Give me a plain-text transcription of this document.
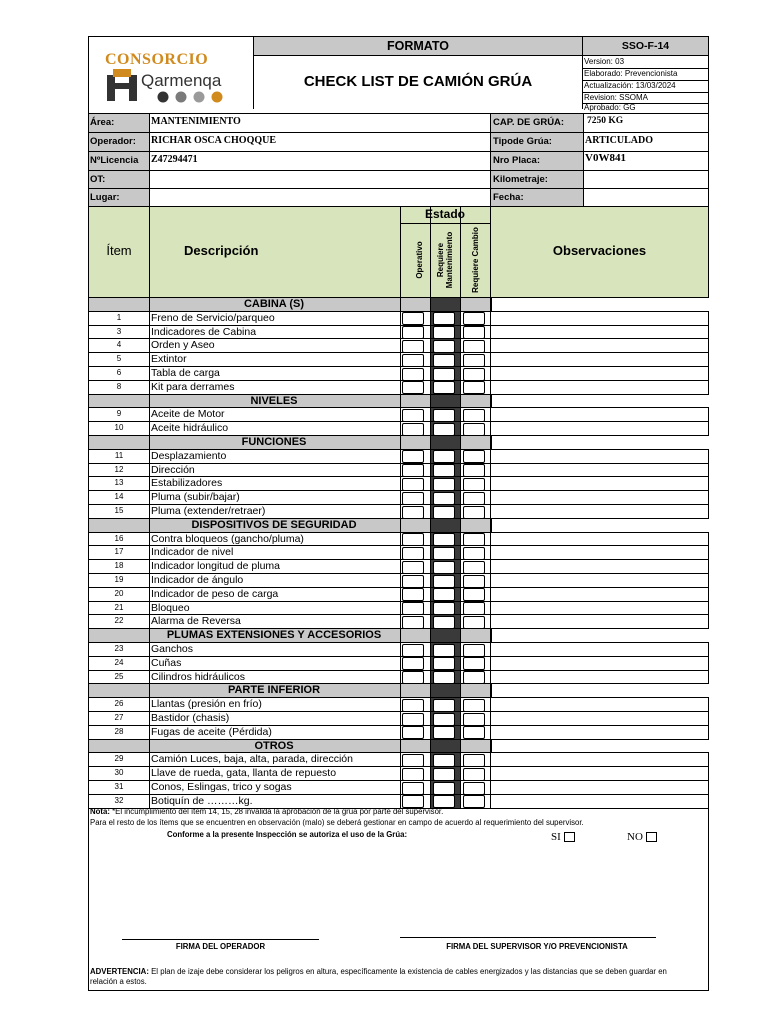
CONSORCIO
Qarmenqa
FORMATO
CHECK LIST DE CAMIÓN GRÚA
SSO-F-14
Version: 03
Elaborado: Prevencionista
Actualización: 13/03/2024
Revision: SSOMA
Aprobado: GG
Área:	MANTENIMIENTO
Operador:	RICHAR OSCA CHOQQUE
NºLicencia	Z47294471
OT:
Lugar:
CAP. DE GRÚA:	7250 KG
Tipode Grúa:	ARTICULADO
Nro Placa:	V0W841
Kilometraje:
Fecha:
Ítem	Descripción
Estado
Operativo Requiere Mantenimiento Requiere Cambio	Observaciones
CABINA (S)
1	Freno de Servicio/parqueo
3	Indicadores de Cabina
4	Orden y Aseo
5	Extintor
6	Tabla de carga
8	Kit para derrames
NIVELES
9	Aceite de Motor
10	Aceite hidráulico
FUNCIONES
11	Desplazamiento
12	Dirección
13	Estabilizadores
14	Pluma (subir/bajar)
15	Pluma (extender/retraer)
DISPOSITIVOS DE SEGURIDAD
16	Contra bloqueos (gancho/pluma)
17	Indicador de nivel
18	Indicador longitud de pluma
19	Indicador de ángulo
20	Indicador de peso de carga
21	Bloqueo
22	Alarma de Reversa
PLUMAS EXTENSIONES Y ACCESORIOS
23	Ganchos
24	Cuñas
25	Cilindros hidráulicos
PARTE INFERIOR
26	Llantas (presión en frío)
27	Bastidor (chasis)
28	Fugas de aceite (Pérdida)
OTROS
29	Camión Luces, baja, alta, parada, dirección
30	Llave de rueda, gata, llanta de repuesto
31	Conos, Eslingas, trico y sogas
32	Botiquín de ………kg.
Nota: *El incumplimiento del ítem 14, 15, 28 invalida la aprobación de la grúa por parte del supervisor.
Para el resto de los ítems que se encuentren en observación (malo) se deberá gestionar en campo de acuerdo al requerimiento del supervisor.
Conforme a la presente Inspección se autoriza el uso de la Grúa:	SI	NO
FIRMA DEL OPERADOR	FIRMA DEL SUPERVISOR Y/O PREVENCIONISTA
ADVERTENCIA: El plan de izaje debe considerar los peligros en altura, específicamente la existencia de cables energizados y las distancias que se deben guardar en relación a estos.
